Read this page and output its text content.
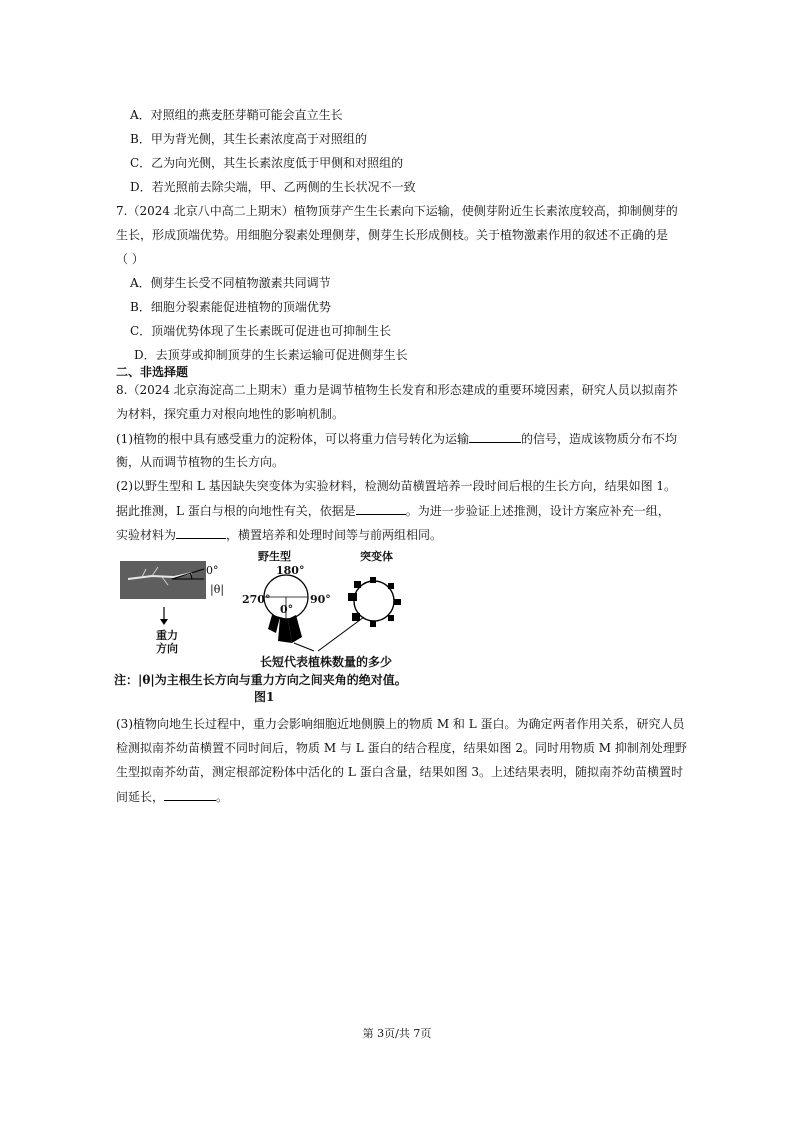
A．对照组的燕麦胚芽鞘可能会直立生长
B．甲为背光侧，其生长素浓度高于对照组的
C．乙为向光侧，其生长素浓度低于甲侧和对照组的
D．若光照前去除尖端，甲、乙两侧的生长状况不一致
7.（2024 北京八中高二上期末）植物顶芽产生生长素向下运输，使侧芽附近生长素浓度较高，抑制侧芽的
生长，形成顶端优势。用细胞分裂素处理侧芽，侧芽生长形成侧枝。关于植物激素作用的叙述不正确的是
（ ）
A．侧芽生长受不同植物激素共同调节
B．细胞分裂素能促进植物的顶端优势
C．顶端优势体现了生长素既可促进也可抑制生长
D．去顶芽或抑制顶芽的生长素运输可促进侧芽生长
二、非选择题
8.（2024 北京海淀高二上期末）重力是调节植物生长发育和形态建成的重要环境因素，研究人员以拟南芥
为材料，探究重力对根向地性的影响机制。
(1)植物的根中具有感受重力的淀粉体，可以将重力信号转化为运输	的信号，造成该物质分布不均
衡，从而调节植物的生长方向。
(2)以野生型和 L 基因缺失突变体为实验材料，检测幼苗横置培养一段时间后根的生长方向，结果如图 1。
据此推测，L 蛋白与根的向地性有关，依据是	。为进一步验证上述推测，设计方案应补充一组，
实验材料为	，横置培养和处理时间等与前两组相同。
0°
|θ|
重力
方向
野生型	突变体
180°
270°	90°
0°
长短代表植株数量的多少
注：|θ|为主根生长方向与重力方向之间夹角的绝对值。
图1
(3)植物向地生长过程中，重力会影响细胞近地侧膜上的物质 M 和 L 蛋白。为确定两者作用关系，研究人员
检测拟南芥幼苗横置不同时间后，物质 M 与 L 蛋白的结合程度，结果如图 2。同时用物质 M 抑制剂处理野
生型拟南芥幼苗，测定根部淀粉体中活化的 L 蛋白含量，结果如图 3。上述结果表明，随拟南芥幼苗横置时
间延长，	。
第 3页/共 7页
